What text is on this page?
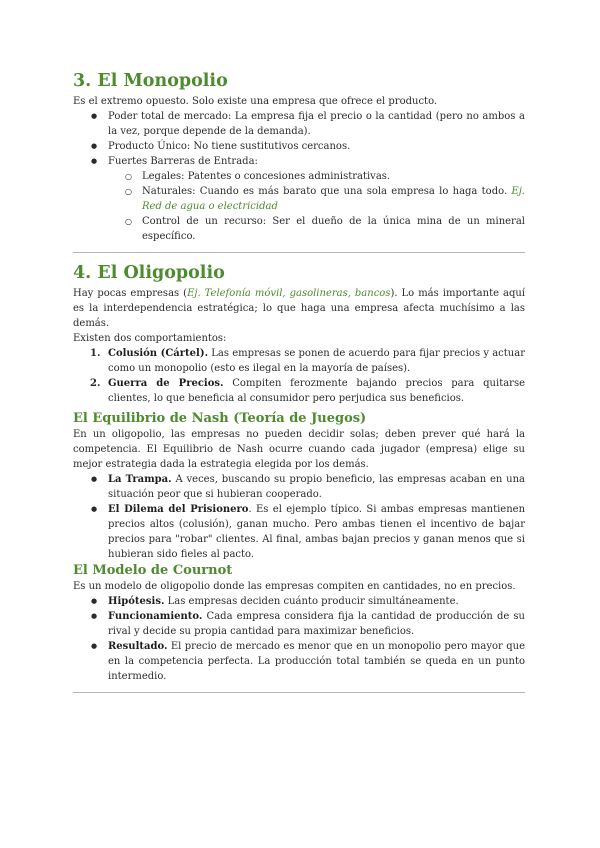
3. El Monopolio

Es el extremo opuesto. Solo existe una empresa que ofrece el producto.

● Poder total de mercado: La empresa fija el precio o la cantidad (pero no ambos a la vez, porque depende de la demanda).
● Producto Único: No tiene sustitutivos cercanos.
● Fuertes Barreras de Entrada:
○ Legales: Patentes o concesiones administrativas.
○ Naturales: Cuando es más barato que una sola empresa lo haga todo. Ej. Red de agua o electricidad
○ Control de un recurso: Ser el dueño de la única mina de un mineral específico.
4. El Oligopolio

Hay pocas empresas (Ej. Telefonía móvil, gasolineras, bancos). Lo más importante aquí es la interdependencia estratégica; lo que haga una empresa afecta muchísimo a las demás.

Existen dos comportamientos:

1. Colusión (Cártel). Las empresas se ponen de acuerdo para fijar precios y actuar como un monopolio (esto es ilegal en la mayoría de países).
2. Guerra de Precios. Compiten ferozmente bajando precios para quitarse clientes, lo que beneficia al consumidor pero perjudica sus beneficios.
El Equilibrio de Nash (Teoría de Juegos)

En un oligopolio, las empresas no pueden decidir solas; deben prever qué hará la competencia. El Equilibrio de Nash ocurre cuando cada jugador (empresa) elige su mejor estrategia dada la estrategia elegida por los demás.

● La Trampa. A veces, buscando su propio beneficio, las empresas acaban en una situación peor que si hubieran cooperado.
● El Dilema del Prisionero. Es el ejemplo típico. Si ambas empresas mantienen precios altos (colusión), ganan mucho. Pero ambas tienen el incentivo de bajar precios para "robar" clientes. Al final, ambas bajan precios y ganan menos que si hubieran sido fieles al pacto.
El Modelo de Cournot

Es un modelo de oligopolio donde las empresas compiten en cantidades, no en precios.

● Hipótesis. Las empresas deciden cuánto producir simultáneamente.
● Funcionamiento. Cada empresa considera fija la cantidad de producción de su rival y decide su propia cantidad para maximizar beneficios.
● Resultado. El precio de mercado es menor que en un monopolio pero mayor que en la competencia perfecta. La producción total también se queda en un punto intermedio.
